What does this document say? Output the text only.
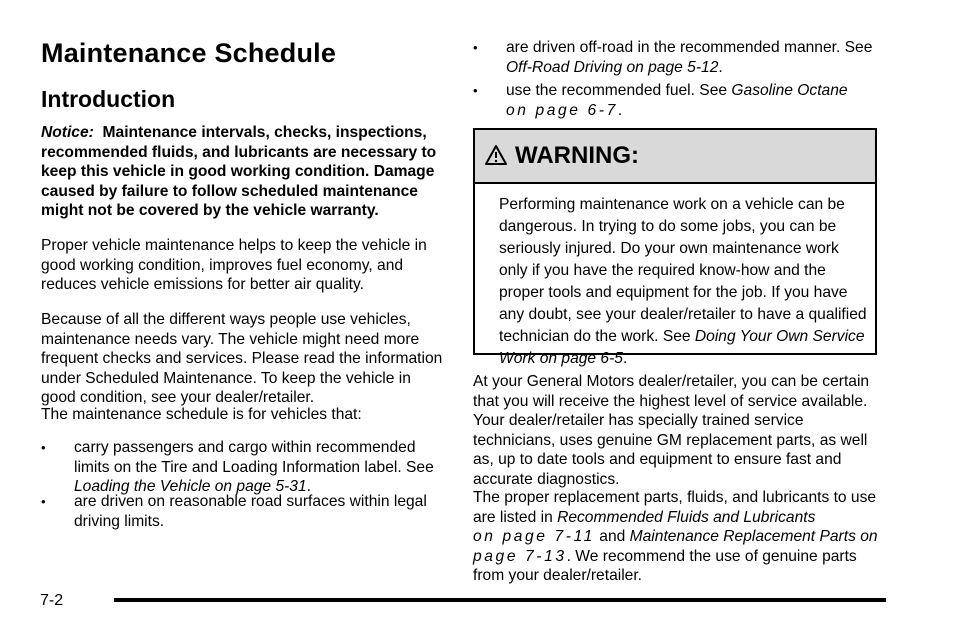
Maintenance Schedule
Introduction
Notice: Maintenance intervals, checks, inspections, recommended fluids, and lubricants are necessary to keep this vehicle in good working condition. Damage caused by failure to follow scheduled maintenance might not be covered by the vehicle warranty.
Proper vehicle maintenance helps to keep the vehicle in good working condition, improves fuel economy, and reduces vehicle emissions for better air quality.
Because of all the different ways people use vehicles, maintenance needs vary. The vehicle might need more frequent checks and services. Please read the information under Scheduled Maintenance. To keep the vehicle in good condition, see your dealer/retailer.
The maintenance schedule is for vehicles that:
• carry passengers and cargo within recommended limits on the Tire and Loading Information label. See Loading the Vehicle on page 5-31.
• are driven on reasonable road surfaces within legal driving limits.
• are driven off-road in the recommended manner. See Off-Road Driving on page 5-12.
• use the recommended fuel. See Gasoline Octane
on page 6-7.
WARNING:
Performing maintenance work on a vehicle can be dangerous. In trying to do some jobs, you can be seriously injured. Do your own maintenance work only if you have the required know-how and the proper tools and equipment for the job. If you have any doubt, see your dealer/retailer to have a qualified technician do the work. See Doing Your Own Service Work on page 6-5.
At your General Motors dealer/retailer, you can be certain that you will receive the highest level of service available. Your dealer/retailer has specially trained service technicians, uses genuine GM replacement parts, as well as, up to date tools and equipment to ensure fast and accurate diagnostics.
The proper replacement parts, fluids, and lubricants to use are listed in Recommended Fluids and Lubricants
on page 7-11 and Maintenance Replacement Parts on
page 7-13. We recommend the use of genuine parts from your dealer/retailer.
7-2
